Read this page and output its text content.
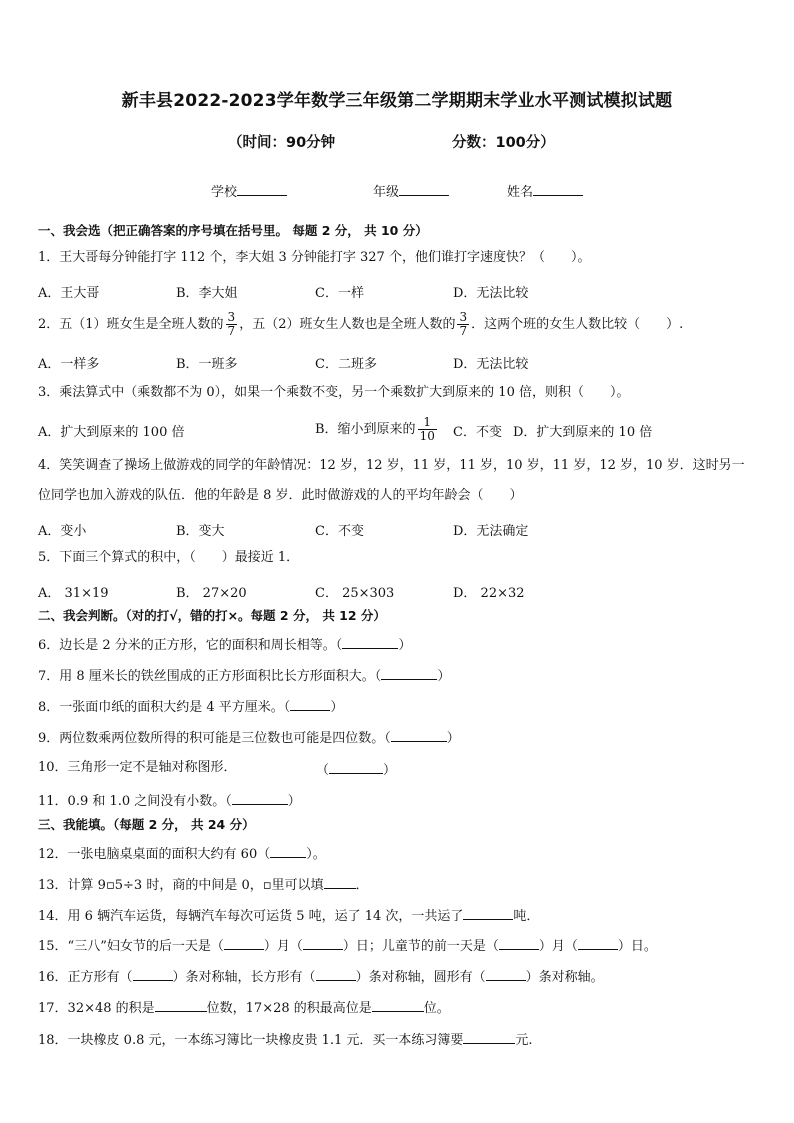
新丰县2022-2023学年数学三年级第二学期期末学业水平测试模拟试题
（时间：90分钟	分数：100分）
学校	年级	姓名
一、我会选（把正确答案的序号填在括号里。 每题 2 分， 共 10 分）
1．王大哥每分钟能打字 112 个，李大姐 3 分钟能打字 327 个，他们谁打字速度快？（　　）。
A．王大哥	B．李大姐	C．一样	D．无法比较
2．五（1）班女生是全班人数的 $\frac{3}{7}$ ，五（2）班女生人数也是全班人数的 $\frac{3}{7}$ ．这两个班的女生人数比较（　　）.
A．一样多	B．一班多	C．二班多	D．无法比较
3．乘法算式中（乘数都不为 0），如果一个乘数不变，另一个乘数扩大到原来的 10 倍，则积（　　）。
A．扩大到原来的 100 倍	B．缩小到原来的 $\frac{1}{10}$ C．不变 D．扩大到原来的 10 倍
4．笑笑调查了操场上做游戏的同学的年龄情况：12 岁，12 岁，11 岁，11 岁，10 岁，11 岁，12 岁，10 岁．这时另一
位同学也加入游戏的队伍．他的年龄是 8 岁．此时做游戏的人的平均年龄会（　　）
A．变小	B．变大	C．不变	D．无法确定
5．下面三个算式的积中，（　　）最接近 1．
A． 31×19	B． 27×20	C． 25×303	D． 22×32
二、我会判断。（对的打√，错的打×。每题 2 分， 共 12 分）
6．边长是 2 分米的正方形，它的面积和周长相等。（	）
7．用 8 厘米长的铁丝围成的正方形面积比长方形面积大。（	）
8．一张面巾纸的面积大约是 4 平方厘米。（	）
9．两位数乘两位数所得的积可能是三位数也可能是四位数。（	）
10．三角形一定不是轴对称图形．	（	）
11．0.9 和 1.0 之间没有小数。（	）
三、我能填。（每题 2 分， 共 24 分）
12．一张电脑桌桌面的面积大约有 60（	）。
13．计算 9▫5÷3 时，商的中间是 0，▫里可以填 ．
14．用 6 辆汽车运货，每辆汽车每次可运货 5 吨，运了 14 次，一共运了	吨．
15．“三八”妇女节的后一天是（	）月（	）日；儿童节的前一天是（	）月（	）日。
16．正方形有（	）条对称轴，长方形有（	）条对称轴，圆形有（	）条对称轴。
17．32×48 的积是	位数，17×28 的积最高位是	位。
18．一块橡皮 0.8 元，一本练习簿比一块橡皮贵 1.1 元．买一本练习簿要	元.
